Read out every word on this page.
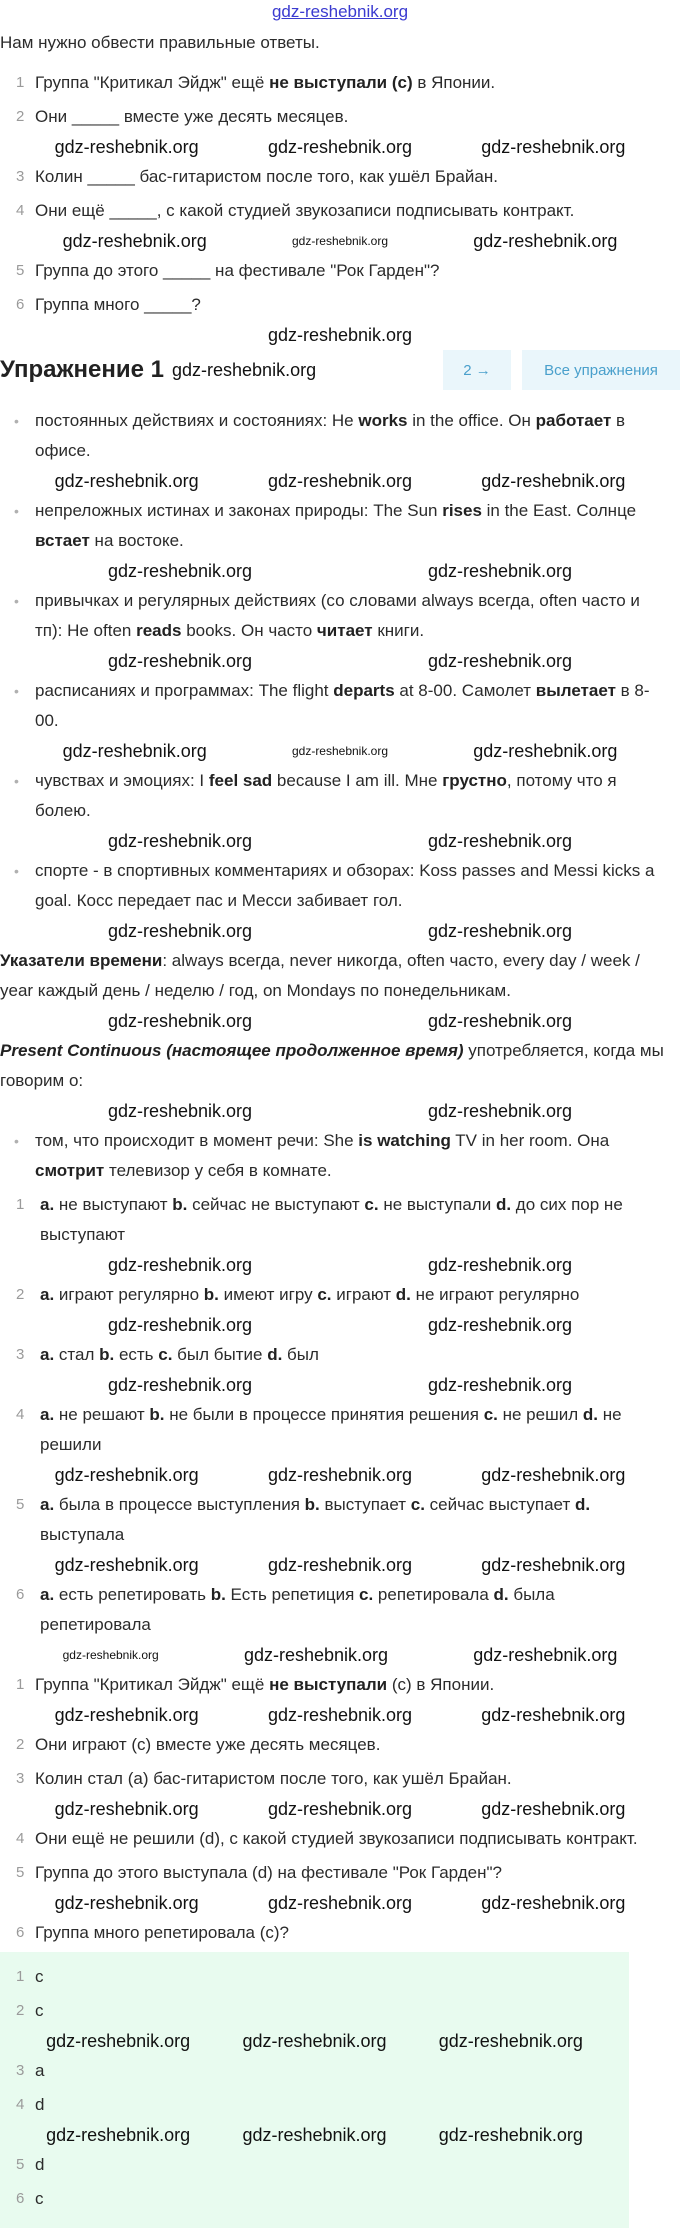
gdz-reshebnik.org
Нам нужно обвести правильные ответы.
1 Группа "Критикал Эйдж" ещё не выступали (c) в Японии.
2 Они _____ вместе уже десять месяцев.
gdz-reshebnik.org	gdz-reshebnik.org	gdz-reshebnik.org
3 Колин _____ бас-гитаристом после того, как ушёл Брайан.
4 Они ещё _____, с какой студией звукозаписи подписывать контракт.
gdz-reshebnik.org	gdz-reshebnik.org	gdz-reshebnik.org
5 Группа до этого _____ на фестивале "Рок Гарден"?
6 Группа много _____?
gdz-reshebnik.org
Упражнение 1 gdz-reshebnik.org	2 →	Все упражнения
• постоянных действиях и состояниях: He works in the office. Он работает в офисе.
gdz-reshebnik.org	gdz-reshebnik.org	gdz-reshebnik.org
• непреложных истинах и законах природы: The Sun rises in the East. Солнце встает на востоке.
gdz-reshebnik.org	gdz-reshebnik.org
• привычках и регулярных действиях (со словами always всегда, often часто и тп): He often reads books. Он часто читает книги.
gdz-reshebnik.org	gdz-reshebnik.org
• расписаниях и программах: The flight departs at 8-00. Самолет вылетает в 8-00.
gdz-reshebnik.org	gdz-reshebnik.org	gdz-reshebnik.org
• чувствах и эмоциях: I feel sad because I am ill. Мне грустно, потому что я болею.
gdz-reshebnik.org	gdz-reshebnik.org
• спорте - в спортивных комментариях и обзорах: Koss passes and Messi kicks a goal. Косс передает пас и Месси забивает гол.
gdz-reshebnik.org	gdz-reshebnik.org
Указатели времени: always всегда, never никогда, often часто, every day / week / year каждый день / неделю / год, on Mondays по понедельникам.
gdz-reshebnik.org	gdz-reshebnik.org
Present Continuous (настоящее продолженное время) употребляется, когда мы говорим о:
gdz-reshebnik.org	gdz-reshebnik.org
• том, что происходит в момент речи: She is watching TV in her room. Она смотрит телевизор у себя в комнате.
1 a. не выступают b. сейчас не выступают c. не выступали d. до сих пор не выступают
gdz-reshebnik.org	gdz-reshebnik.org
2 a. играют регулярно b. имеют игру c. играют d. не играют регулярно
gdz-reshebnik.org	gdz-reshebnik.org
3 a. стал b. есть c. был бытие d. был
gdz-reshebnik.org	gdz-reshebnik.org
4 a. не решают b. не были в процессе принятия решения c. не решил d. не решили
gdz-reshebnik.org	gdz-reshebnik.org	gdz-reshebnik.org
5 a. была в процессе выступления b. выступает c. сейчас выступает d. выступала
gdz-reshebnik.org	gdz-reshebnik.org	gdz-reshebnik.org
6 a. есть репетировать b. Есть репетиция c. репетировала d. была репетировала
gdz-reshebnik.org	gdz-reshebnik.org	gdz-reshebnik.org
1 Группа "Критикал Эйдж" ещё не выступали (c) в Японии.
gdz-reshebnik.org	gdz-reshebnik.org	gdz-reshebnik.org
2 Они играют (c) вместе уже десять месяцев.
3 Колин стал (a) бас-гитаристом после того, как ушёл Брайан.
gdz-reshebnik.org	gdz-reshebnik.org	gdz-reshebnik.org
4 Они ещё не решили (d), с какой студией звукозаписи подписывать контракт.
5 Группа до этого выступала (d) на фестивале "Рок Гарден"?
gdz-reshebnik.org	gdz-reshebnik.org	gdz-reshebnik.org
6 Группа много репетировала (c)?
1 c
2 c
gdz-reshebnik.org	gdz-reshebnik.org	gdz-reshebnik.org
3 a
4 d
gdz-reshebnik.org	gdz-reshebnik.org	gdz-reshebnik.org
5 d
6 c
